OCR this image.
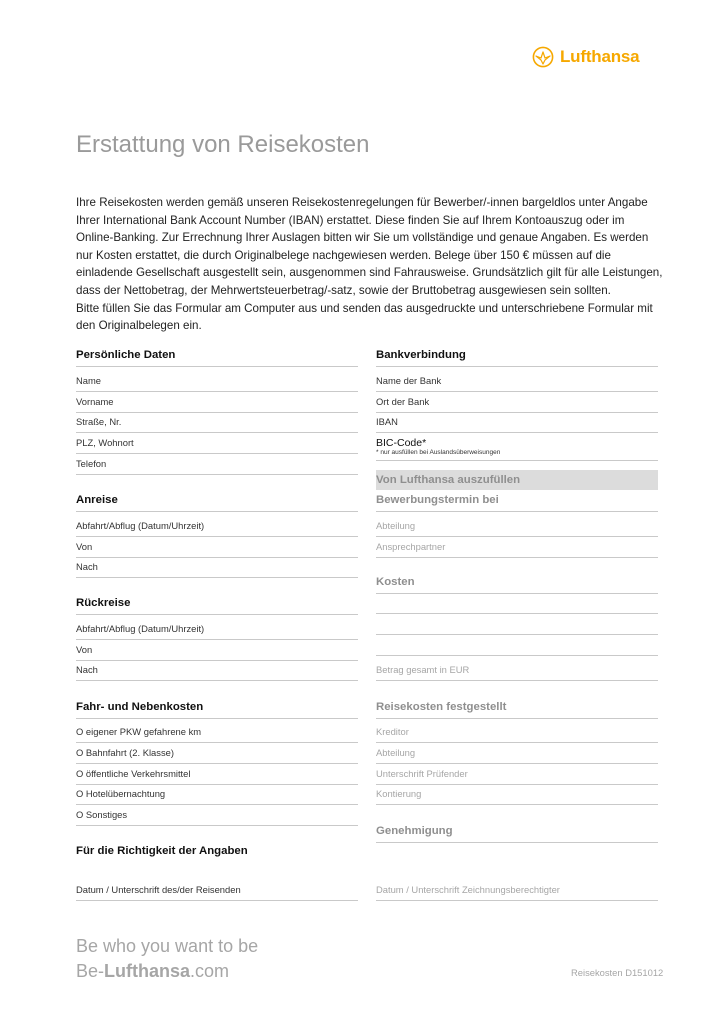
Lufthansa
Erstattung von Reisekosten
Ihre Reisekosten werden gemäß unseren Reisekostenregelungen für Bewerber/-innen bargeldlos unter Angabe
Ihrer International Bank Account Number (IBAN) erstattet. Diese finden Sie auf Ihrem Kontoauszug oder im
Online-Banking. Zur Errechnung Ihrer Auslagen bitten wir Sie um vollständige und genaue Angaben. Es werden
nur Kosten erstattet, die durch Originalbelege nachgewiesen werden. Belege über 150 € müssen auf die
einladende Gesellschaft ausgestellt sein, ausgenommen sind Fahrausweise. Grundsätzlich gilt für alle Leistungen,
dass der Nettobetrag, der Mehrwertsteuerbetrag/-satz, sowie der Bruttobetrag ausgewiesen sein sollten.
Bitte füllen Sie das Formular am Computer aus und senden das ausgedruckte und unterschriebene Formular mit
den Originalbelegen ein.
Persönliche Daten
Name
Vorname
Straße, Nr.
PLZ, Wohnort
Telefon
Anreise
Abfahrt/Abflug (Datum/Uhrzeit)
Von
Nach
Rückreise
Abfahrt/Abflug (Datum/Uhrzeit)
Von
Nach
Fahr- und Nebenkosten
O eigener PKW gefahrene km
O Bahnfahrt (2. Klasse)
O öffentliche Verkehrsmittel
O Hotelübernachtung
O Sonstiges
Für die Richtigkeit der Angaben
Datum / Unterschrift des/der Reisenden
Bankverbindung
Name der Bank
Ort der Bank
IBAN
BIC-Code*
* nur ausfüllen bei Auslandsüberweisungen
Von Lufthansa auszufüllen
Bewerbungstermin bei
Abteilung
Ansprechpartner
Kosten
Betrag gesamt in EUR
Reisekosten festgestellt
Kreditor
Abteilung
Unterschrift Prüfender
Kontierung
Genehmigung
Datum / Unterschrift Zeichnungsberechtigter
Be who you want to be
Be-Lufthansa.com	Reisekosten D151012
